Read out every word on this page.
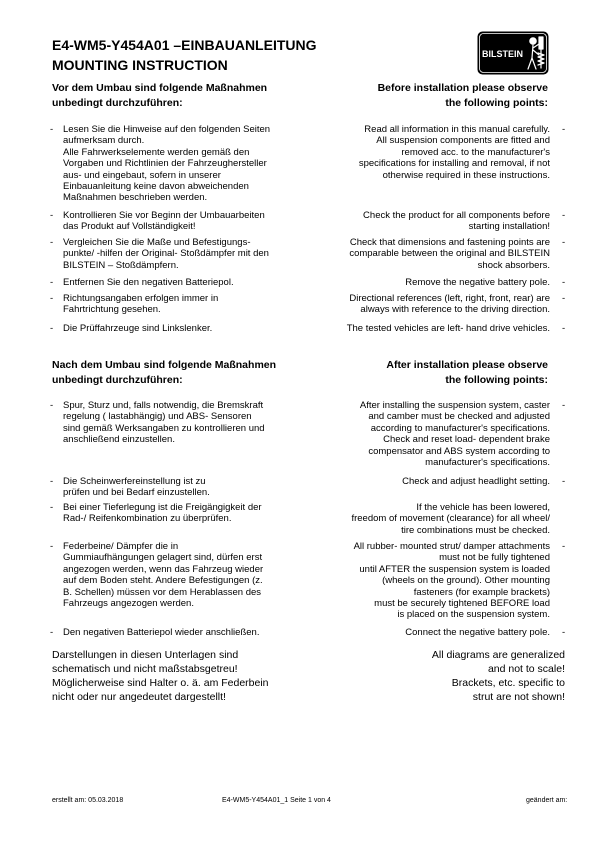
E4-WM5-Y454A01 –EINBAUANLEITUNG
MOUNTING INSTRUCTION
BILSTEIN
Vor dem Umbau sind folgende Maßnahmen
unbedingt durchzuführen:
Before installation please observe
the following points:
- Lesen Sie die Hinweise auf den folgenden Seiten
aufmerksam durch.
Alle Fahrwerkselemente werden gemäß den
Vorgaben und Richtlinien der Fahrzeughersteller
aus- und eingebaut, sofern in unserer
Einbauanleitung keine davon abweichenden
Maßnahmen beschrieben werden.
Read all information in this manual carefully.
All suspension components are fitted and
removed acc. to the manufacturer's
specifications for installing and removal, if not
otherwise required in these instructions.
-
- Kontrollieren Sie vor Beginn der Umbauarbeiten
das Produkt auf Vollständigkeit!
Check the product for all components before
starting installation!
-
- Vergleichen Sie die Maße und Befestigungs-
punkte/ -hilfen der Original- Stoßdämpfer mit den
BILSTEIN – Stoßdämpfern.
Check that dimensions and fastening points are
comparable between the original and BILSTEIN
shock absorbers.
-
- Entfernen Sie den negativen Batteriepol.	Remove the negative battery pole. -
- Richtungsangaben erfolgen immer in
Fahrtrichtung gesehen.
Directional references (left, right, front, rear) are
always with reference to the driving direction.
-
- Die Prüffahrzeuge sind Linkslenker.	The tested vehicles are left- hand drive vehicles. -
Nach dem Umbau sind folgende Maßnahmen
unbedingt durchzuführen:
After installation please observe
the following points:
- Spur, Sturz und, falls notwendig, die Bremskraft
regelung ( lastabhängig) und ABS- Sensoren
sind gemäß Werksangaben zu kontrollieren und
anschließend einzustellen.
After installing the suspension system, caster
and camber must be checked and adjusted
according to manufacturer's specifications.
Check and reset load- dependent brake
compensator and ABS system according to
manufacturer's specifications.
-
- Die Scheinwerfereinstellung ist zu
prüfen und bei Bedarf einzustellen.
Check and adjust headlight setting. -
- Bei einer Tieferlegung ist die Freigängigkeit der
Rad-/ Reifenkombination zu überprüfen.
If the vehicle has been lowered,
freedom of movement (clearance) for all wheel/
tire combinations must be checked.
- Federbeine/ Dämpfer die in
Gummiaufhängungen gelagert sind, dürfen erst
angezogen werden, wenn das Fahrzeug wieder
auf dem Boden steht. Andere Befestigungen (z.
B. Schellen) müssen vor dem Herablassen des
Fahrzeugs angezogen werden.
All rubber- mounted strut/ damper attachments
must not be fully tightened
until AFTER the suspension system is loaded
(wheels on the ground). Other mounting
fasteners (for example brackets)
must be securely tightened BEFORE load
is placed on the suspension system.
-
- Den negativen Batteriepol wieder anschließen.	Connect the negative battery pole. -
Darstellungen in diesen Unterlagen sind
schematisch und nicht maßstabsgetreu!
Möglicherweise sind Halter o. ä. am Federbein
nicht oder nur angedeutet dargestellt!
All diagrams are generalized
and not to scale!
Brackets, etc. specific to
strut are not shown!
erstellt am: 05.03.2018	E4-WM5-Y454A01_1 Seite 1 von 4	geändert am:
